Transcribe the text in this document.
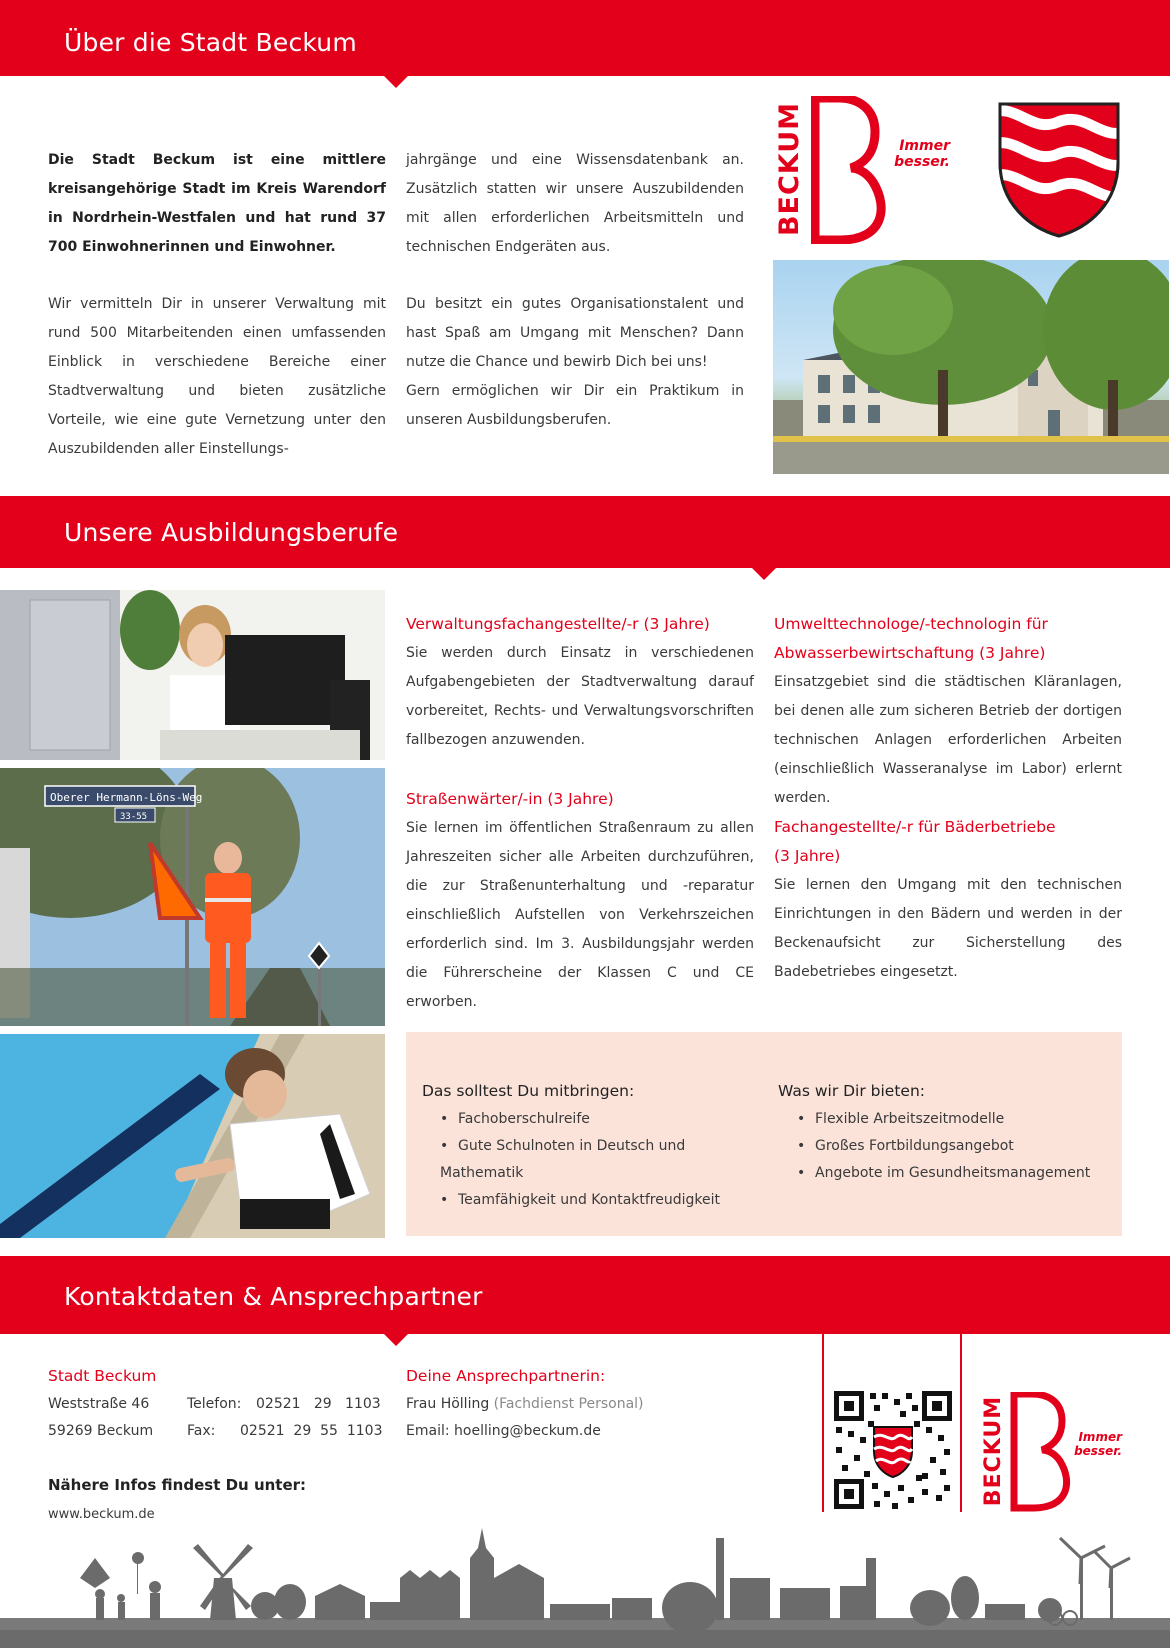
Über die Stadt Beckum
Die Stadt Beckum ist eine mittlere kreisangehörige Stadt im Kreis Warendorf in Nordrhein-Westfalen und hat rund 37 700 Einwohnerinnen und Einwohner.
Wir vermitteln Dir in unserer Verwaltung mit rund 500 Mitarbeitenden einen umfassenden Einblick in verschiedene Bereiche einer Stadtverwaltung und bieten zusätzliche Vorteile, wie eine gute Vernetzung unter den Auszubildenden aller Einstellungs-
jahrgänge und eine Wissensdatenbank an. Zusätzlich statten wir unsere Auszubildenden mit allen erforderlichen Arbeitsmitteln und technischen Endgeräten aus.
Du besitzt ein gutes Organisationstalent und hast Spaß am Umgang mit Menschen? Dann nutze die Chance und bewirb Dich bei uns!
Gern ermöglichen wir Dir ein Praktikum in unseren Ausbildungsberufen.
BECKUM	Immer
besser.
Unsere Ausbildungsberufe
Oberer Hermann-Löns-Weg
33-55
Verwaltungsfachangestellte/-r (3 Jahre)
Sie werden durch Einsatz in verschiedenen Aufgabengebieten der Stadtverwaltung darauf vorbereitet, Rechts- und Verwaltungsvorschriften fallbezogen anzuwenden.
Straßenwärter/-in (3 Jahre)
Sie lernen im öffentlichen Straßenraum zu allen Jahreszeiten sicher alle Arbeiten durchzuführen, die zur Straßenunterhaltung und -reparatur einschließlich Aufstellen von Verkehrszeichen erforderlich sind. Im 3. Ausbildungsjahr werden die Führerscheine der Klassen C und CE erworben.
Umwelttechnologe/-technologin für
Abwasserbewirtschaftung (3 Jahre)
Einsatzgebiet sind die städtischen Kläranlagen, bei denen alle zum sicheren Betrieb der dortigen technischen Anlagen erforderlichen Arbeiten (einschließlich Wasseranalyse im Labor) erlernt werden.
Fachangestellte/-r für Bäderbetriebe
(3 Jahre)
Sie lernen den Umgang mit den technischen Einrichtungen in den Bädern und werden in der Beckenaufsicht zur Sicherstellung des Badebetriebes eingesetzt.
Das solltest Du mitbringen:
• Fachoberschulreife
• Gute Schulnoten in Deutsch und Mathematik
• Teamfähigkeit und Kontaktfreudigkeit
Was wir Dir bieten:
• Flexible Arbeitszeitmodelle
• Großes Fortbildungsangebot
• Angebote im Gesundheitsmanagement
Kontaktdaten & Ansprechpartner
Stadt Beckum
Weststraße 46
59269 Beckum
Telefon: 02521   29   1103
Fax: 02521  29  55  1103
Deine Ansprechpartnerin:
Frau Hölling (Fachdienst Personal)
Email: hoelling@beckum.de
Nähere Infos findest Du unter:
www.beckum.de
BECKUM	Immer
besser.
